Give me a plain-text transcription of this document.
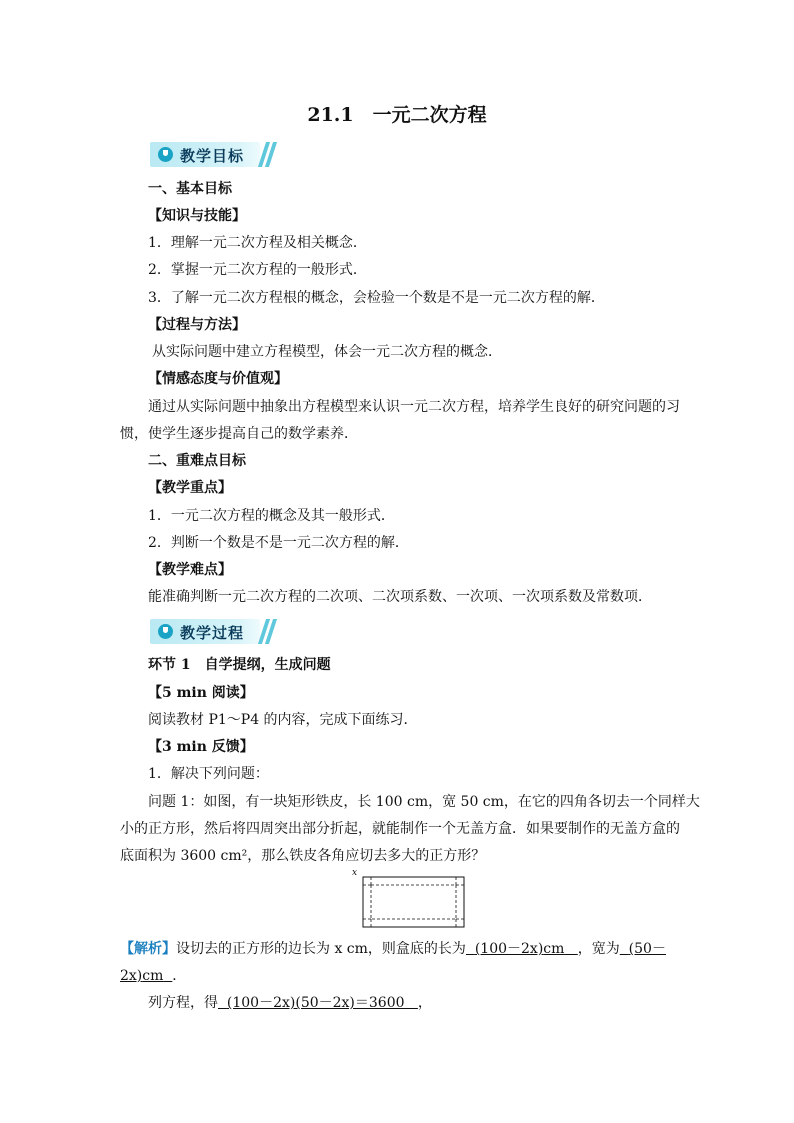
21.1　一元二次方程
教学目标
一、基本目标
【知识与技能】
1．理解一元二次方程及相关概念．
2．掌握一元二次方程的一般形式．
3．了解一元二次方程根的概念，会检验一个数是不是一元二次方程的解．
【过程与方法】
从实际问题中建立方程模型，体会一元二次方程的概念．
【情感态度与价值观】
通过从实际问题中抽象出方程模型来认识一元二次方程，培养学生良好的研究问题的习
惯，使学生逐步提高自己的数学素养．
二、重难点目标
【教学重点】
1．一元二次方程的概念及其一般形式．
2．判断一个数是不是一元二次方程的解．
【教学难点】
能准确判断一元二次方程的二次项、二次项系数、一次项、一次项系数及常数项．
教学过程
环节 1　自学提纲，生成问题
【5 min 阅读】
阅读教材 P1～P4 的内容，完成下面练习．
【3 min 反馈】
1．解决下列问题：
问题 1：如图，有一块矩形铁皮，长 100 cm，宽 50 cm，在它的四角各切去一个同样大
小的正方形，然后将四周突出部分折起，就能制作一个无盖方盒．如果要制作的无盖方盒的
底面积为 3600 cm²，那么铁皮各角应切去多大的正方形？
x
【解析】设切去的正方形的边长为 x cm，则盒底的长为 (100－2x)cm ，宽为 (50－
2x)cm ．
列方程，得 (100－2x)(50－2x)＝3600 ，
